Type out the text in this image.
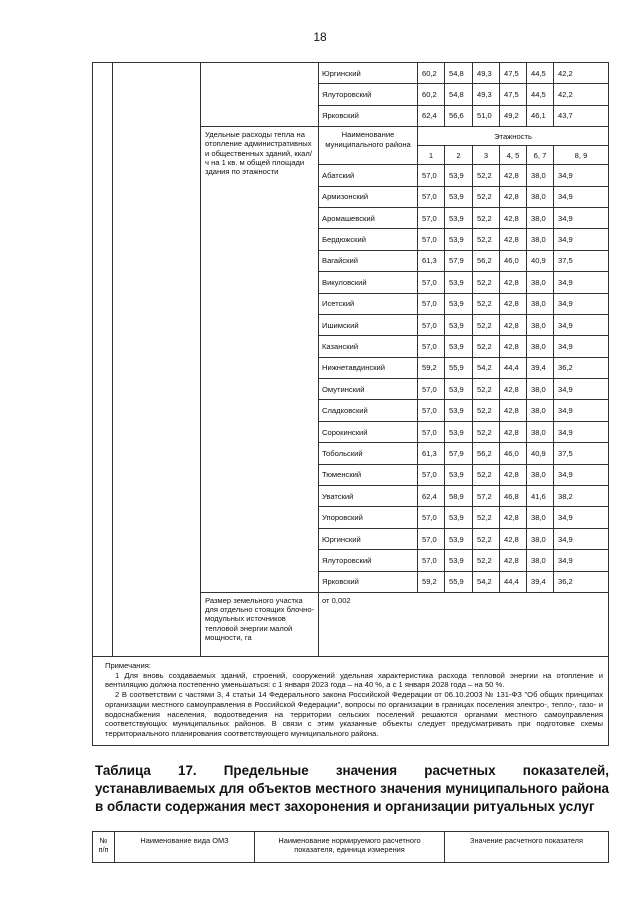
18
			Юргинский	60,2	54,8	49,3	47,5	44,5	42,2
			Ялуторовский	60,2	54,8	49,3	47,5	44,5	42,2
			Ярковский	62,4	56,6	51,0	49,2	46,1	43,7
		Удельные расходы тепла на отопление административных и общественных зданий, ккал/ч на 1 кв. м общей площади здания по этажности	Наименование муниципального района	Этажность					
				1	2	3	4, 5	6, 7	8, 9
			Абатский	57,0	53,9	52,2	42,8	38,0	34,9
			Армизонский	57,0	53,9	52,2	42,8	38,0	34,9
			Аромашевский	57,0	53,9	52,2	42,8	38,0	34,9
			Бердюжский	57,0	53,9	52,2	42,8	38,0	34,9
			Вагайский	61,3	57,9	56,2	46,0	40,9	37,5
			Викуловский	57,0	53,9	52,2	42,8	38,0	34,9
			Исетский	57,0	53,9	52,2	42,8	38,0	34,9
			Ишимский	57,0	53,9	52,2	42,8	38,0	34,9
			Казанский	57,0	53,9	52,2	42,8	38,0	34,9
			Нижнетавдинский	59,2	55,9	54,2	44,4	39,4	36,2
			Омутинский	57,0	53,9	52,2	42,8	38,0	34,9
			Сладковский	57,0	53,9	52,2	42,8	38,0	34,9
			Сорокинский	57,0	53,9	52,2	42,8	38,0	34,9
			Тобольский	61,3	57,9	56,2	46,0	40,9	37,5
			Тюменский	57,0	53,9	52,2	42,8	38,0	34,9
			Уватский	62,4	58,9	57,2	46,8	41,6	38,2
			Упоровский	57,0	53,9	52,2	42,8	38,0	34,9
			Юргинский	57,0	53,9	52,2	42,8	38,0	34,9
			Ялуторовский	57,0	53,9	52,2	42,8	38,0	34,9
			Ярковский	59,2	55,9	54,2	44,4	39,4	36,2
		Размер земельного участка для отдельно стоящих блочно-модульных источников тепловой энергии малой мощности, га	от 0,002						

Примечания:

1 Для вновь создаваемых зданий, строений, сооружений удельная характеристика расхода тепловой энергии на отопление и вентиляцию должна постепенно уменьшаться: с 1 января 2023 года – на 40 %, а с 1 января 2028 года – на 50 %.

2 В соответствии с частями 3, 4 статьи 14 Федерального закона Российской Федерации от 06.10.2003 № 131-ФЗ "Об общих принципах организации местного самоуправления в Российской Федерации", вопросы по организации в границах поселения электро-, тепло-, газо- и водоснабжения населения, водоотведения на территории сельских поселений решаются органами местного самоуправления соответствующих муниципальных районов. В связи с этим указанные объекты следует предусматривать при подготовке схемы территориального планирования соответствующего муниципального района.									

Таблица 17. Предельные значения расчетных показателей, устанавливаемых для объектов местного значения муниципального района в области содержания мест захоронения и организации ритуальных услуг
№ п/п	Наименование вида ОМЗ	Наименование нормируемого расчетного показателя, единица измерения	Значение расчетного показателя
